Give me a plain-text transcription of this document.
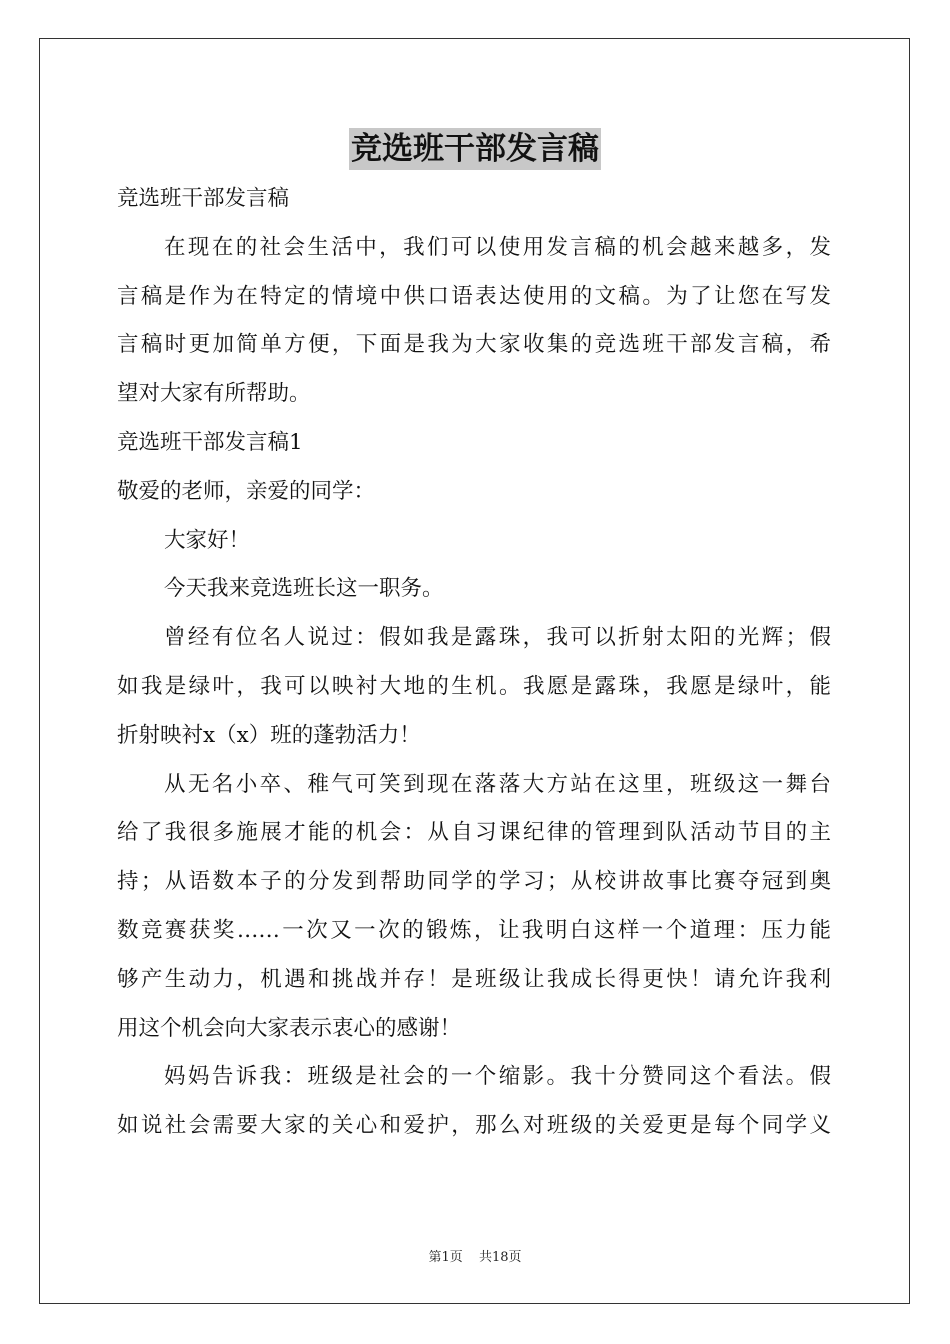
竞选班干部发言稿
竞选班干部发言稿
在现在的社会生活中，我们可以使用发言稿的机会越来越多，发
言稿是作为在特定的情境中供口语表达使用的文稿。为了让您在写发
言稿时更加简单方便，下面是我为大家收集的竞选班干部发言稿，希
望对大家有所帮助。
竞选班干部发言稿1
敬爱的老师，亲爱的同学：
大家好！
今天我来竞选班长这一职务。
曾经有位名人说过：假如我是露珠，我可以折射太阳的光辉；假
如我是绿叶，我可以映衬大地的生机。我愿是露珠，我愿是绿叶，能
折射映衬x（x）班的蓬勃活力！
从无名小卒、稚气可笑到现在落落大方站在这里，班级这一舞台
给了我很多施展才能的机会：从自习课纪律的管理到队活动节目的主
持；从语数本子的分发到帮助同学的学习；从校讲故事比赛夺冠到奥
数竞赛获奖……一次又一次的锻炼，让我明白这样一个道理：压力能
够产生动力，机遇和挑战并存！是班级让我成长得更快！请允许我利
用这个机会向大家表示衷心的感谢！
妈妈告诉我：班级是社会的一个缩影。我十分赞同这个看法。假
如说社会需要大家的关心和爱护，那么对班级的关爱更是每个同学义
第1页 共18页
